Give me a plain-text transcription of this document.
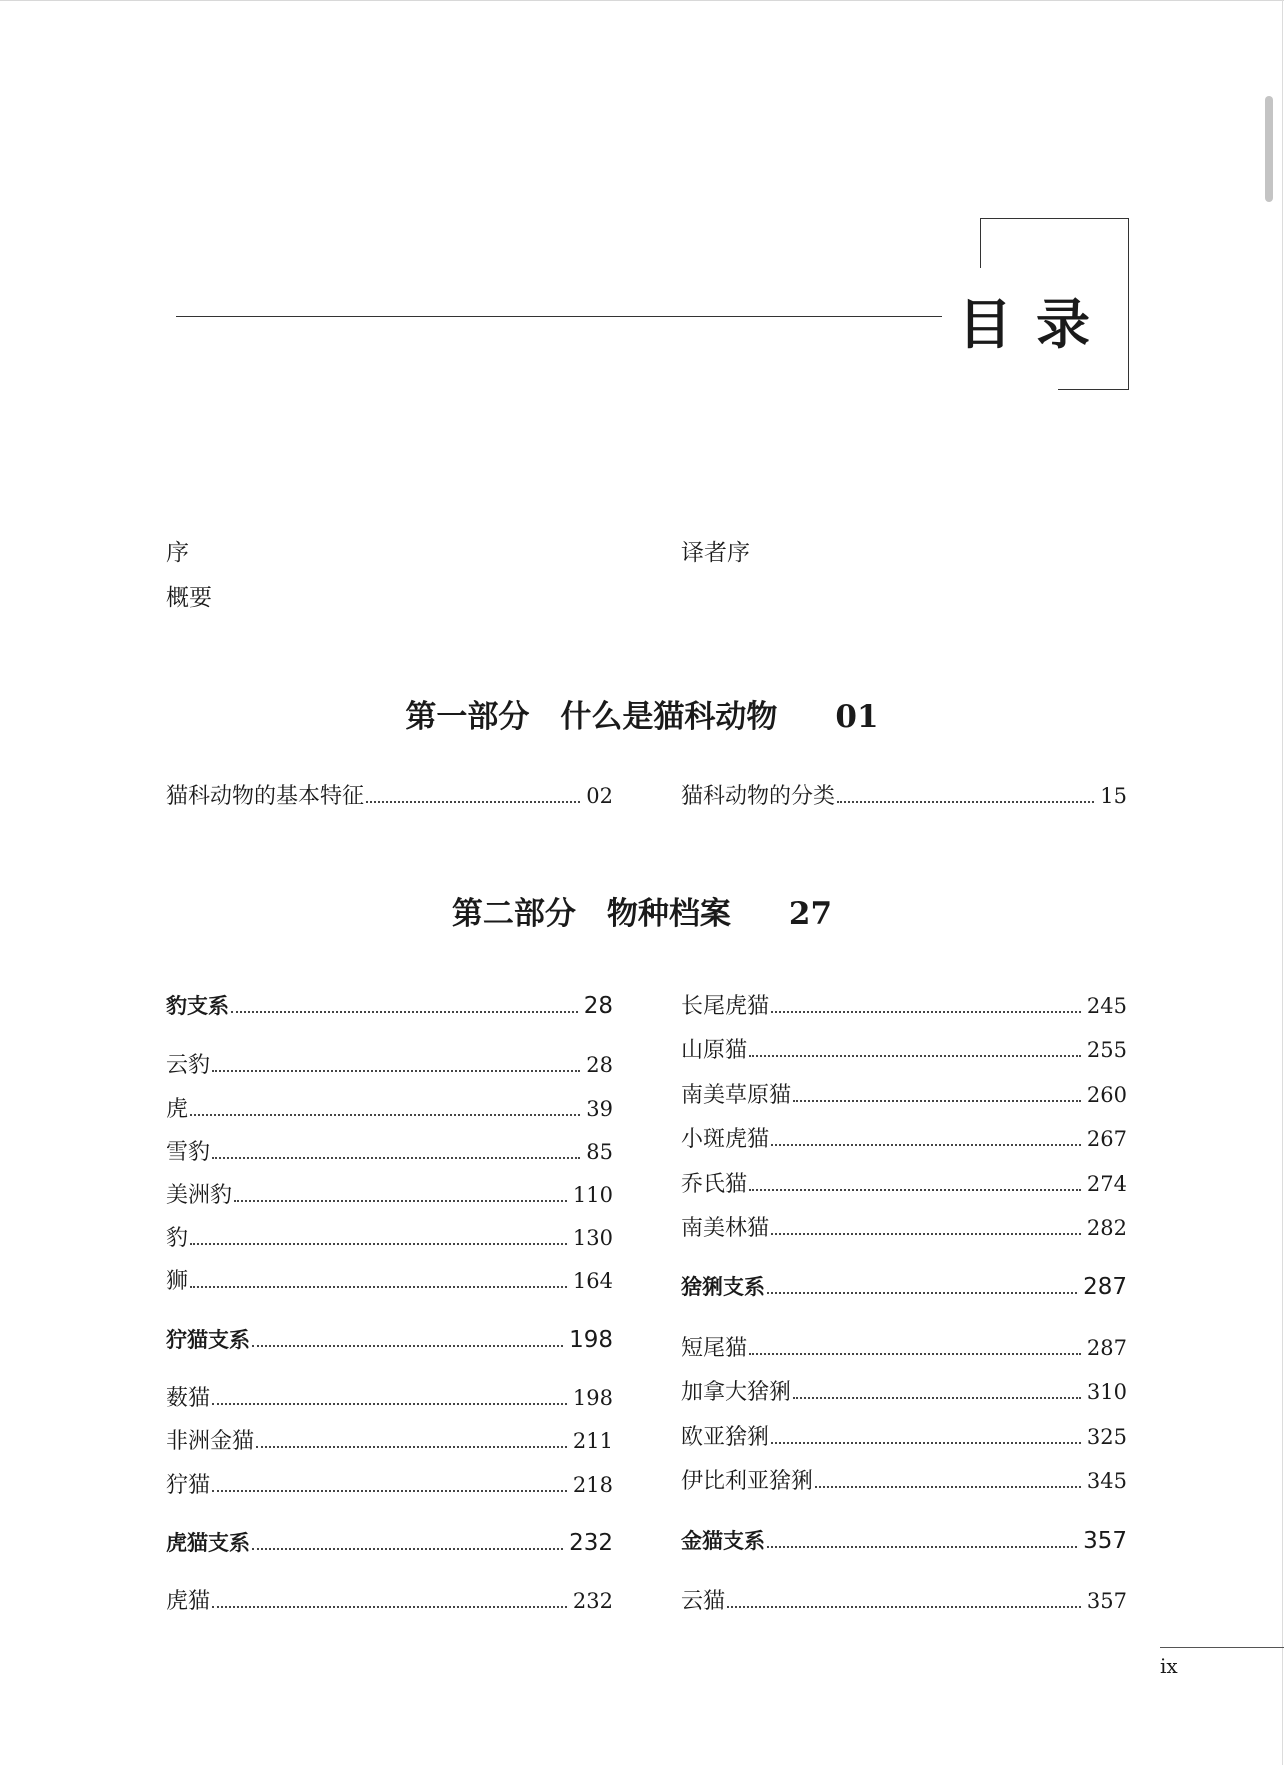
目录
序	译者序
概要
第一部分　什么是猫科动物 01
猫科动物的基本特征	02	猫科动物的分类	15
第二部分　物种档案 27
豹支系	28
云豹	28
虎	39
雪豹	85
美洲豹	110
豹	130
狮	164
狞猫支系	198
薮猫	198
非洲金猫	211
狞猫	218
虎猫支系	232
虎猫	232
长尾虎猫	245
山原猫	255
南美草原猫	260
小斑虎猫	267
乔氏猫	274
南美林猫	282
猞猁支系	287
短尾猫	287
加拿大猞猁	310
欧亚猞猁	325
伊比利亚猞猁	345
金猫支系	357
云猫	357
ix
